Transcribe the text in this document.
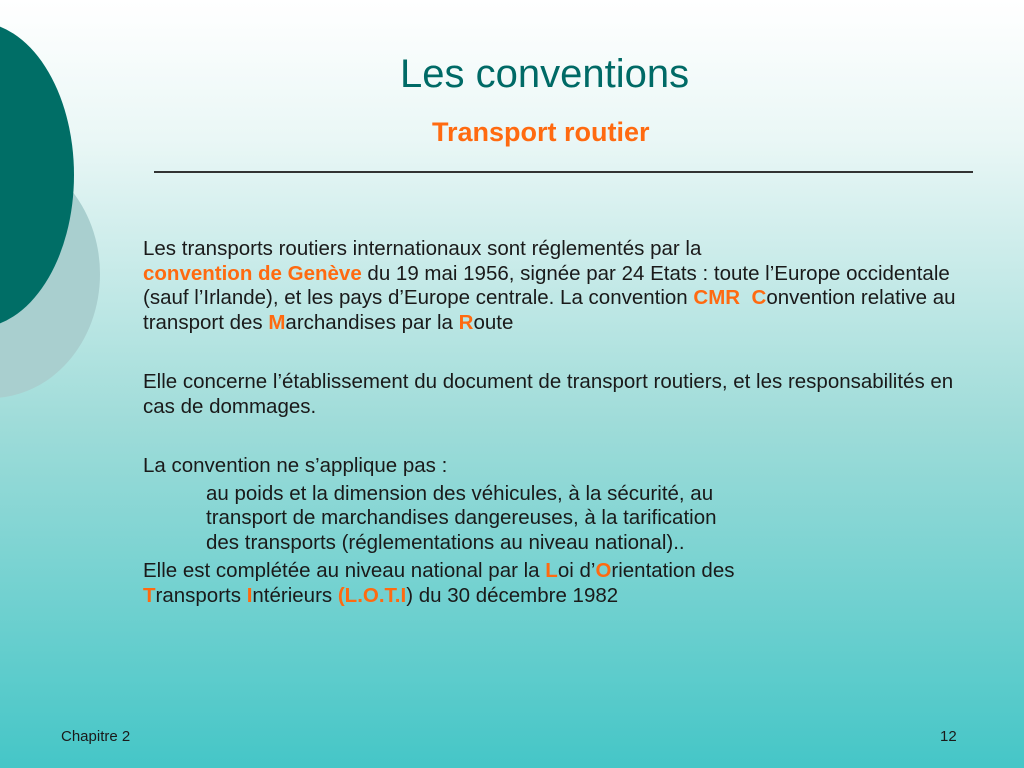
Les conventions
Transport routier

Les transports routiers internationaux sont réglementés par la
convention de Genève du 19 mai 1956, signée par 24 Etats : toute l’Europe occidentale (sauf l’Irlande), et les pays d’Europe centrale. La convention CMR Convention relative au transport des Marchandises par la Route

Elle concerne l’établissement du document de transport routiers, et les responsabilités en cas de dommages.

La convention ne s’applique pas :

au poids et la dimension des véhicules, à la sécurité, au
transport de marchandises dangereuses, à la tarification
des transports (réglementations au niveau national)..

Elle est complétée au niveau national par la Loi d’Orientation des
Transports Intérieurs (L.O.T.I) du 30 décembre 1982

Chapitre 2	12
